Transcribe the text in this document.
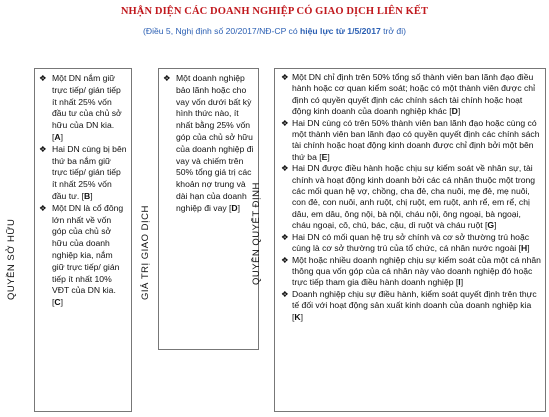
NHẬN DIỆN CÁC DOANH NGHIỆP CÓ GIAO DỊCH LIÊN KẾT
(Điều 5, Nghị định số 20/2017/NĐ-CP có hiệu lực từ 1/5/2017 trở đi)
QUYỀN SỞ HỮU
❖ Một DN nắm giữ trực tiếp/ gián tiếp ít nhất 25% vốn đầu tư của chủ sở hữu của DN kia. [A]
❖ Hai DN cùng bị bên thứ ba nắm giữ trực tiếp/ gián tiếp ít nhất 25% vốn đầu tư. [B]
❖ Một DN là cổ đông lớn nhất về vốn góp của chủ sở hữu của doanh nghiệp kia, nắm giữ trực tiếp/ gián tiếp ít nhất 10% VĐT của DN kia. [C]
GIÁ TRỊ GIAO DỊCH
❖ Một doanh nghiệp bảo lãnh hoặc cho vay vốn dưới bất kỳ hình thức nào, ít nhất bằng 25% vốn góp của chủ sở hữu của doanh nghiệp đi vay và chiếm trên 50% tổng giá trị các khoản nợ trung và dài hạn của doanh nghiệp đi vay [D]	QUYỀN QUYẾT ĐỊNH
❖ Một DN chỉ định trên 50% tổng số thành viên ban lãnh đạo điều hành hoặc cơ quan kiểm soát; hoặc có một thành viên được chỉ định có quyền quyết định các chính sách tài chính hoặc hoạt động kinh doanh của doanh nghiệp khác [D]
❖ Hai DN cùng có trên 50% thành viên ban lãnh đạo hoặc cùng có một thành viên ban lãnh đạo có quyền quyết định các chính sách tài chính hoặc hoạt động kinh doanh được chỉ định bởi một bên thứ ba [E]
❖ Hai DN được điều hành hoặc chịu sự kiểm soát về nhân sự, tài chính và hoạt động kinh doanh bởi các cá nhân thuộc một trong các mối quan hệ vợ, chồng, cha đẻ, cha nuôi, mẹ đẻ, mẹ nuôi, con đẻ, con nuôi, anh ruột, chị ruột, em ruột, anh rể, em rể, chị dâu, em dâu, ông nội, bà nội, cháu nội, ông ngoại, bà ngoại, cháu ngoại, cô, chú, bác, cậu, dì ruột và cháu ruột [G]
❖ Hai DN có mối quan hệ trụ sở chính và cơ sở thường trú hoặc cùng là cơ sở thường trú của tổ chức, cá nhân nước ngoài [H]
❖ Một hoặc nhiều doanh nghiệp chịu sự kiểm soát của một cá nhân thông qua vốn góp của cá nhân này vào doanh nghiệp đó hoặc trực tiếp tham gia điều hành doanh nghiệp [I]
❖ Doanh nghiệp chịu sự điều hành, kiểm soát quyết định trên thực tế đối với hoạt động sản xuất kinh doanh của doanh nghiệp kia [K]
